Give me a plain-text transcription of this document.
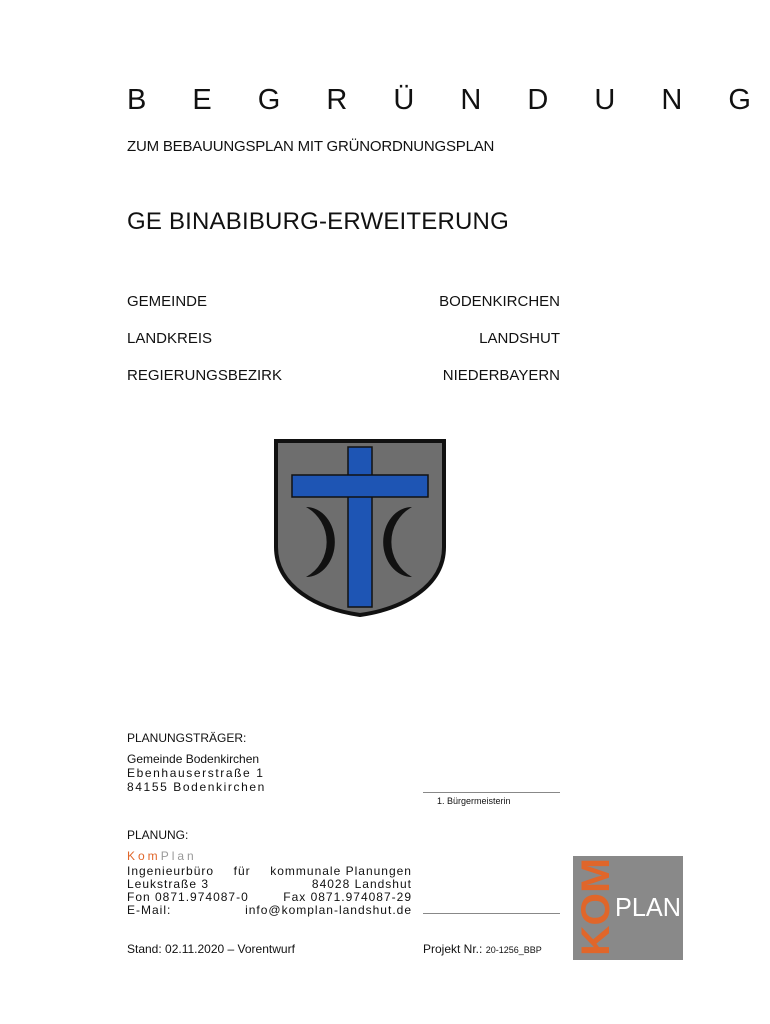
B E G R Ü N D U N G
ZUM BEBAUUNGSPLAN MIT GRÜNORDNUNGSPLAN
GE BINABIBURG-ERWEITERUNG
GEMEINDE	BODENKIRCHEN
LANDKREIS	LANDSHUT
REGIERUNGSBEZIRK	NIEDERBAYERN
PLANUNGSTRÄGER:
Gemeinde Bodenkirchen
Ebenhauserstraße 1
84155 Bodenkirchen
1. Bürgermeisterin
PLANUNG:
KomPlan
Ingenieurbüro für kommunale Planungen
Leukstraße 3	84028 Landshut
Fon 0871.974087-0	Fax 0871.974087-29
E-Mail:	info@komplan-landshut.de
Stand: 02.11.2020 – Vorentwurf	Projekt Nr.: 20-1256_BBP KOM
PLAN
